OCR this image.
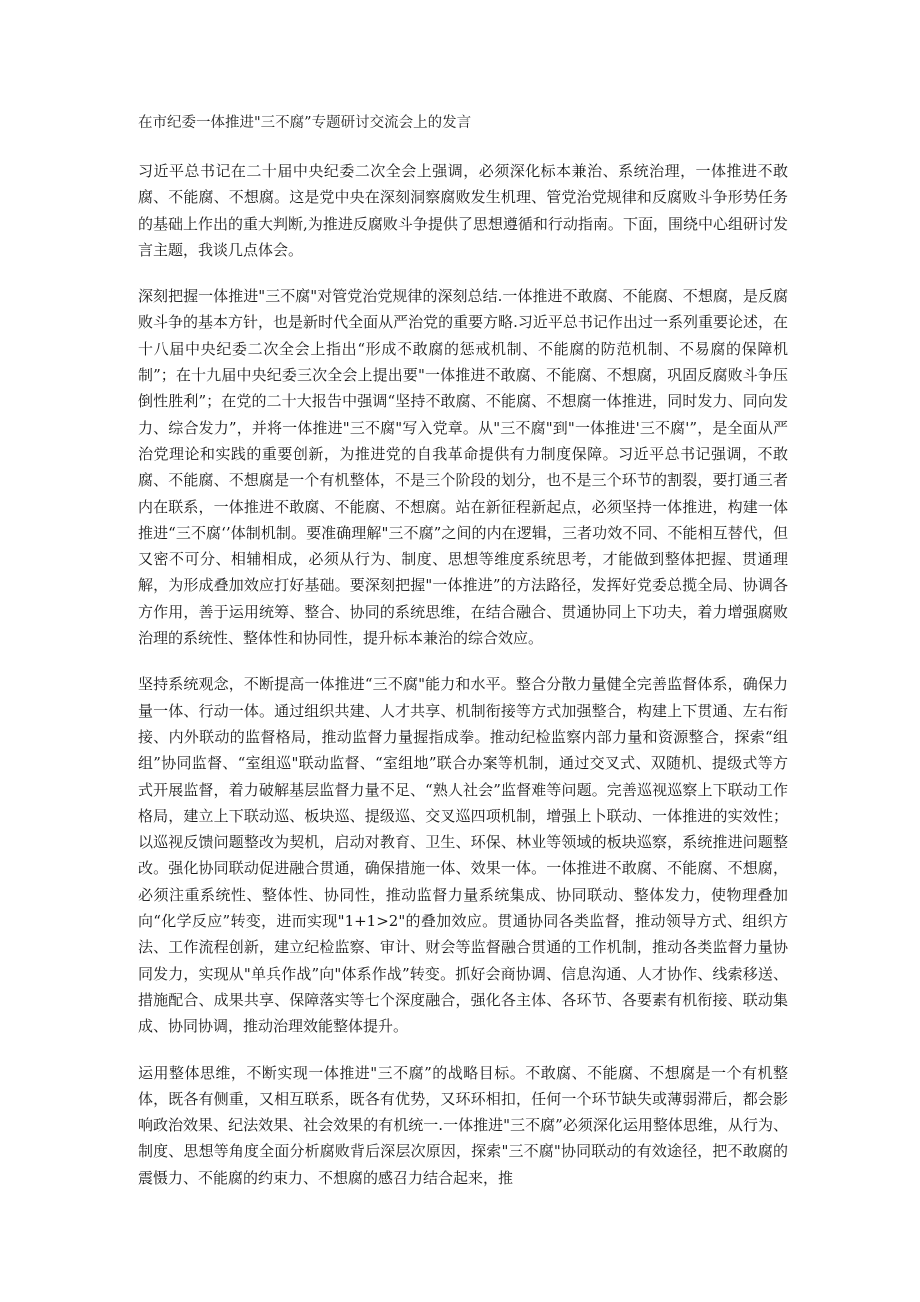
在市纪委一体推进"三不腐”专题研讨交流会上的发言

习近平总书记在二十届中央纪委二次全会上强调，必须深化标本兼治、系统治理，一体推进不敢腐、不能腐、不想腐。这是党中央在深刻洞察腐败发生机理、管党治党规律和反腐败斗争形势任务的基础上作出的重大判断,为推进反腐败斗争提供了思想遵循和行动指南。下面，围绕中心组研讨发言主题，我谈几点体会。

深刻把握一体推进"三不腐"对管党治党规律的深刻总结.一体推进不敢腐、不能腐、不想腐，是反腐败斗争的基本方针，也是新时代全面从严治党的重要方略.习近平总书记作出过一系列重要论述，在十八届中央纪委二次全会上指出“形成不敢腐的惩戒机制、不能腐的防范机制、不易腐的保障机制”；在十九届中央纪委三次全会上提出要"一体推进不敢腐、不能腐、不想腐，巩固反腐败斗争压倒性胜利”；在党的二十大报告中强调“坚持不敢腐、不能腐、不想腐一体推进，同时发力、同向发力、综合发力”，并将一体推进"三不腐"写入党章。从"三不腐"到"一体推进'三不腐'”，是全面从严治党理论和实践的重要创新，为推进党的自我革命提供有力制度保障。习近平总书记强调，不敢腐、不能腐、不想腐是一个有机整体，不是三个阶段的划分，也不是三个环节的割裂，要打通三者内在联系，一体推进不敢腐、不能腐、不想腐。站在新征程新起点，必须坚持一体推进，构建一体推进“三不腐‘’体制机制。要准确理解"三不腐”之间的内在逻辑，三者功效不同、不能相互替代，但又密不可分、相辅相成，必须从行为、制度、思想等维度系统思考，才能做到整体把握、贯通理解，为形成叠加效应打好基础。要深刻把握"一体推进”的方法路径，发挥好党委总揽全局、协调各方作用，善于运用统筹、整合、协同的系统思维，在结合融合、贯通协同上下功夫，着力增强腐败治理的系统性、整体性和协同性，提升标本兼治的综合效应。

坚持系统观念，不断提高一体推进“三不腐"能力和水平。整合分散力量健全完善监督体系，确保力量一体、行动一体。通过组织共建、人才共享、机制衔接等方式加强整合，构建上下贯通、左右衔接、内外联动的监督格局，推动监督力量握指成拳。推动纪检监察内部力量和资源整合，探索“组组”协同监督、“室组巡"联动监督、“室组地”联合办案等机制，通过交叉式、双随机、提级式等方式开展监督，着力破解基层监督力量不足、“熟人社会”监督难等问题。完善巡视巡察上下联动工作格局，建立上下联动巡、板块巡、提级巡、交叉巡四项机制，增强上卜联动、一体推进的实效性；以巡视反馈问题整改为契机，启动对教育、卫生、环保、林业等领域的板块巡察，系统推进问题整改。强化协同联动促进融合贯通，确保措施一体、效果一体。一体推进不敢腐、不能腐、不想腐，必须注重系统性、整体性、协同性，推动监督力量系统集成、协同联动、整体发力，使物理叠加向“化学反应”转变，进而实现"1+1>2"的叠加效应。贯通协同各类监督，推动领导方式、组织方法、工作流程创新，建立纪检监察、审计、财会等监督融合贯通的工作机制，推动各类监督力量协同发力，实现从"单兵作战”向"体系作战”转变。抓好会商协调、信息沟通、人才协作、线索移送、措施配合、成果共享、保障落实等七个深度融合，强化各主体、各环节、各要素有机衔接、联动集成、协同协调，推动治理效能整体提升。

运用整体思维，不断实现一体推进"三不腐”的战略目标。不敢腐、不能腐、不想腐是一个有机整体，既各有侧重，又相互联系，既各有优势，又环环相扣，任何一个环节缺失或薄弱滞后，都会影响政治效果、纪法效果、社会效果的有机统一.一体推进"三不腐”必须深化运用整体思维，从行为、制度、思想等角度全面分析腐败背后深层次原因，探索"三不腐"协同联动的有效途径，把不敢腐的震慑力、不能腐的约束力、不想腐的感召力结合起来，推
